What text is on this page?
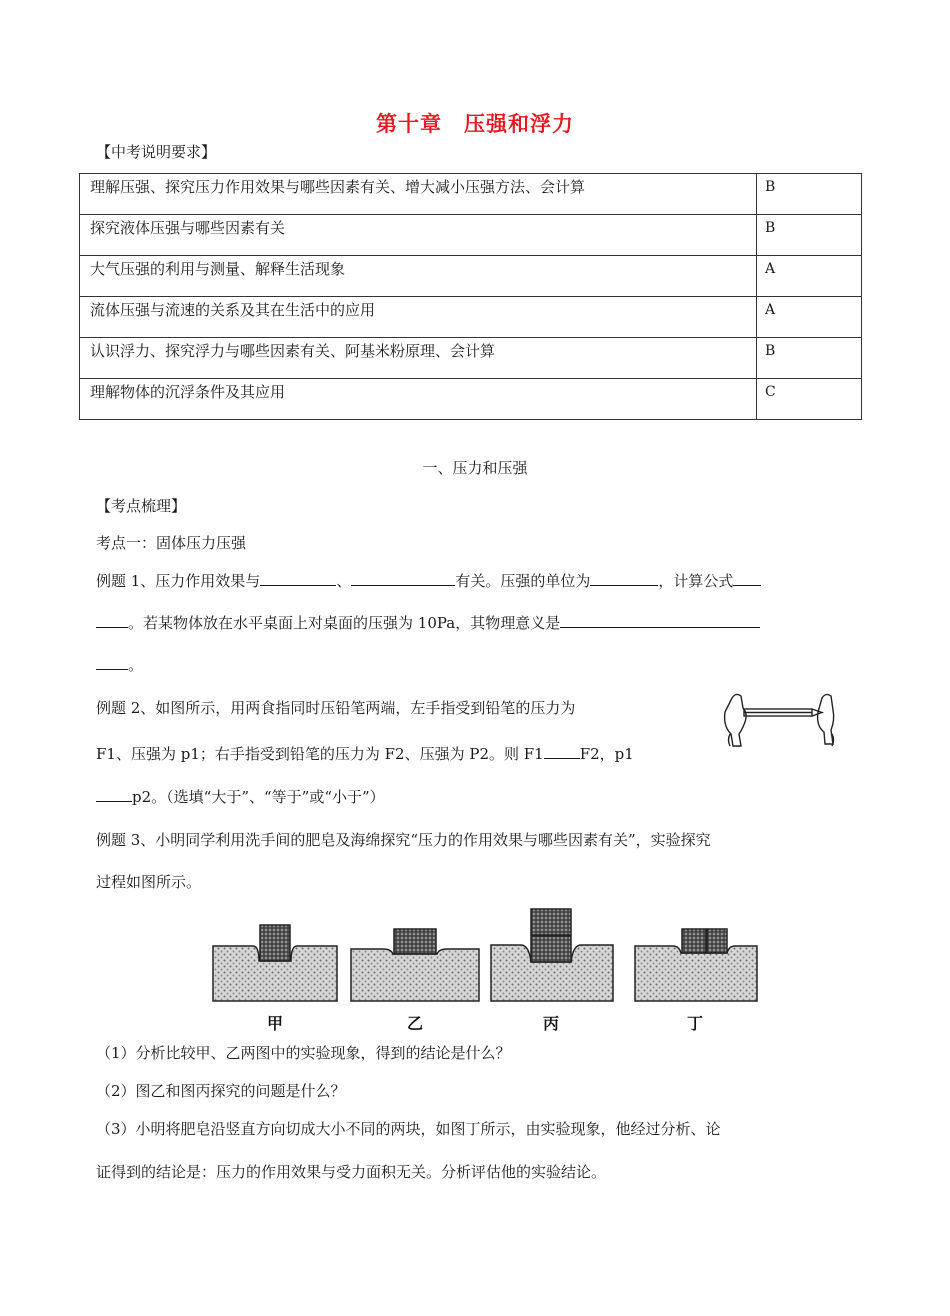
第十章 压强和浮力
【中考说明要求】
理解压强、探究压力作用效果与哪些因素有关、增大减小压强方法、会计算	B
探究液体压强与哪些因素有关	B
大气压强的利用与测量、解释生活现象	A
流体压强与流速的关系及其在生活中的应用	A
认识浮力、探究浮力与哪些因素有关、阿基米粉原理、会计算	B
理解物体的沉浮条件及其应用	C
一、压力和压强
【考点梳理】
考点一：固体压力压强
例题 1、压力作用效果与	、	有关。压强的单位为	，计算公式
。若某物体放在水平桌面上对桌面的压强为 10Pa，其物理意义是
。
例题 2、如图所示，用两食指同时压铅笔两端，左手指受到铅笔的压力为
F1、压强为 p1；右手指受到铅笔的压力为 F2、压强为 P2。则 F1 F2，p1
p2。（选填“大于”、“等于”或“小于”）
例题 3、小明同学利用洗手间的肥皂及海绵探究“压力的作用效果与哪些因素有关”，实验探究
过程如图所示。
甲	乙	丙	丁
（1）分析比较甲、乙两图中的实验现象，得到的结论是什么？
（2）图乙和图丙探究的问题是什么？
（3）小明将肥皂沿竖直方向切成大小不同的两块，如图丁所示，由实验现象，他经过分析、论
证得到的结论是：压力的作用效果与受力面积无关。分析评估他的实验结论。
